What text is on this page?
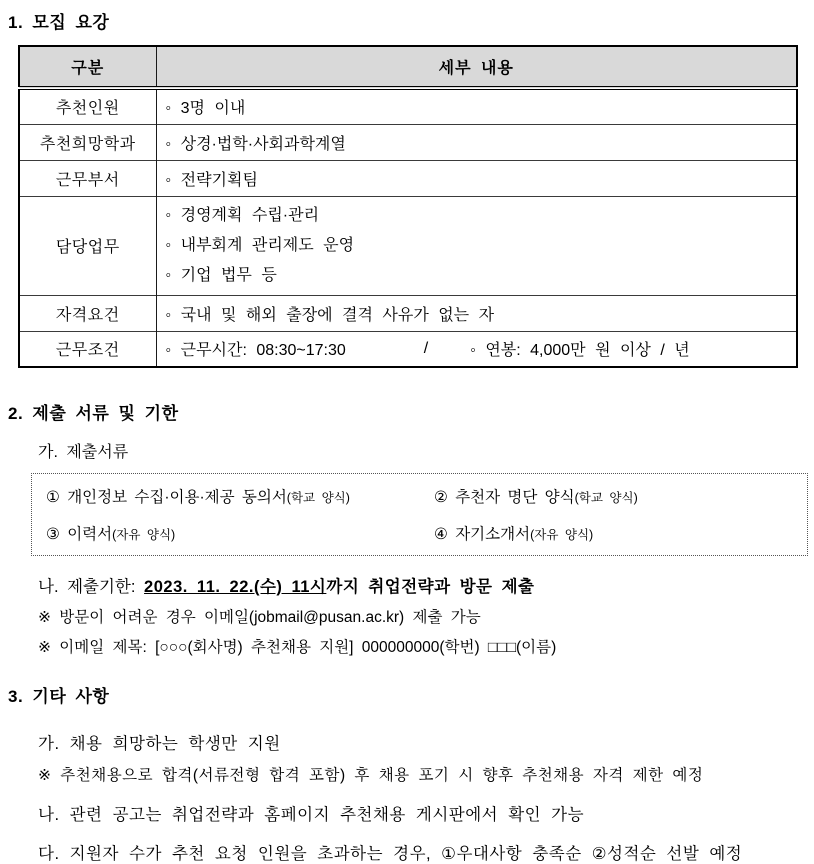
1. 모집 요강
구분	세부 내용
추천인원	◦ 3명 이내
추천희망학과	◦ 상경·법학·사회과학계열
근무부서	◦ 전략기획팀
담당업무	◦ 경영계획 수립·관리
◦ 내부회계 관리제도 운영
◦ 기업 법무 등

자격요건	◦ 국내 및 해외 출장에 결격 사유가 없는 자
근무조건	◦ 근무시간: 08:30~17:30 / ◦ 연봉: 4,000만 원 이상 / 년
2. 제출 서류 및 기한
가. 제출서류
① 개인정보 수집·이용·제공 동의서(학교 양식)	② 추천자 명단 양식(학교 양식)
③ 이력서(자유 양식)	④ 자기소개서(자유 양식)
나. 제출기한: 2023. 11. 22.(수) 11시까지 취업전략과 방문 제출
※ 방문이 어려운 경우 이메일(jobmail@pusan.ac.kr) 제출 가능
※ 이메일 제목: [○○○(회사명) 추천채용 지원] 000000000(학번) □□□(이름)
3. 기타 사항
가. 채용 희망하는 학생만 지원
※ 추천채용으로 합격(서류전형 합격 포함) 후 채용 포기 시 향후 추천채용 자격 제한 예정
나. 관련 공고는 취업전략과 홈페이지 추천채용 게시판에서 확인 가능
다. 지원자 수가 추천 요청 인원을 초과하는 경우, ①우대사항 충족순 ②성적순 선발 예정
